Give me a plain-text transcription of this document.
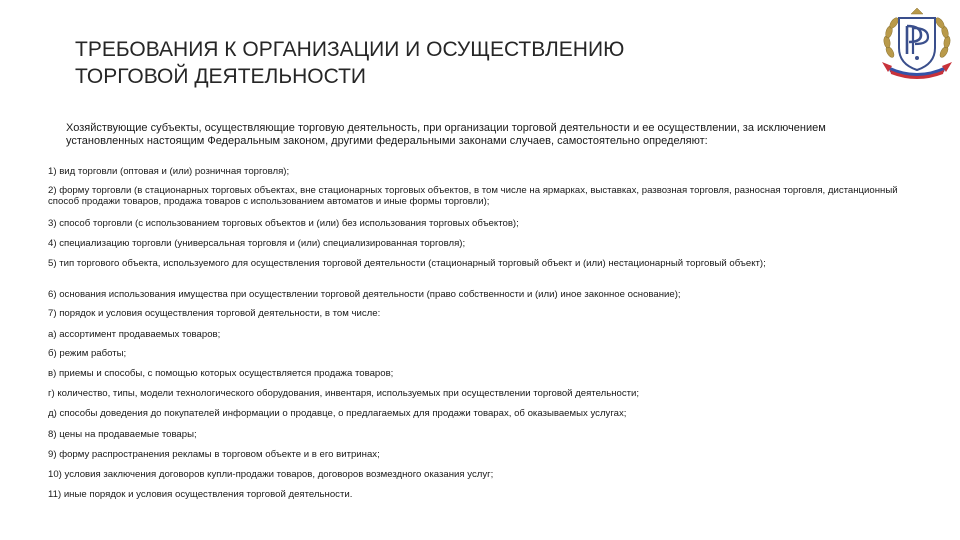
ТРЕБОВАНИЯ К ОРГАНИЗАЦИИ И ОСУЩЕСТВЛЕНИЮ
ТОРГОВОЙ ДЕЯТЕЛЬНОСТИ

Хозяйствующие субъекты, осуществляющие торговую деятельность, при организации торговой деятельности и ее осуществлении, за исключением установленных настоящим Федеральным законом, другими федеральными законами случаев, самостоятельно определяют:

1) вид торговли (оптовая и (или) розничная торговля);
2) форму торговли (в стационарных торговых объектах, вне стационарных торговых объектов, в том числе на ярмарках, выставках, развозная торговля, разносная торговля, дистанционный способ продажи товаров, продажа товаров с использованием автоматов и иные формы торговли);
3) способ торговли (с использованием торговых объектов и (или) без использования торговых объектов);
4) специализацию торговли (универсальная торговля и (или) специализированная торговля);
5) тип торгового объекта, используемого для осуществления торговой деятельности (стационарный торговый объект и (или) нестационарный торговый объект);
6) основания использования имущества при осуществлении торговой деятельности (право собственности и (или) иное законное основание);
7) порядок и условия осуществления торговой деятельности, в том числе:
а) ассортимент продаваемых товаров;
б) режим работы;
в) приемы и способы, с помощью которых осуществляется продажа товаров;
г) количество, типы, модели технологического оборудования, инвентаря, используемых при осуществлении торговой деятельности;
д) способы доведения до покупателей информации о продавце, о предлагаемых для продажи товарах, об оказываемых услугах;
8) цены на продаваемые товары;
9) форму распространения рекламы в торговом объекте и в его витринах;
10) условия заключения договоров купли-продажи товаров, договоров возмездного оказания услуг;
11) иные порядок и условия осуществления торговой деятельности.
